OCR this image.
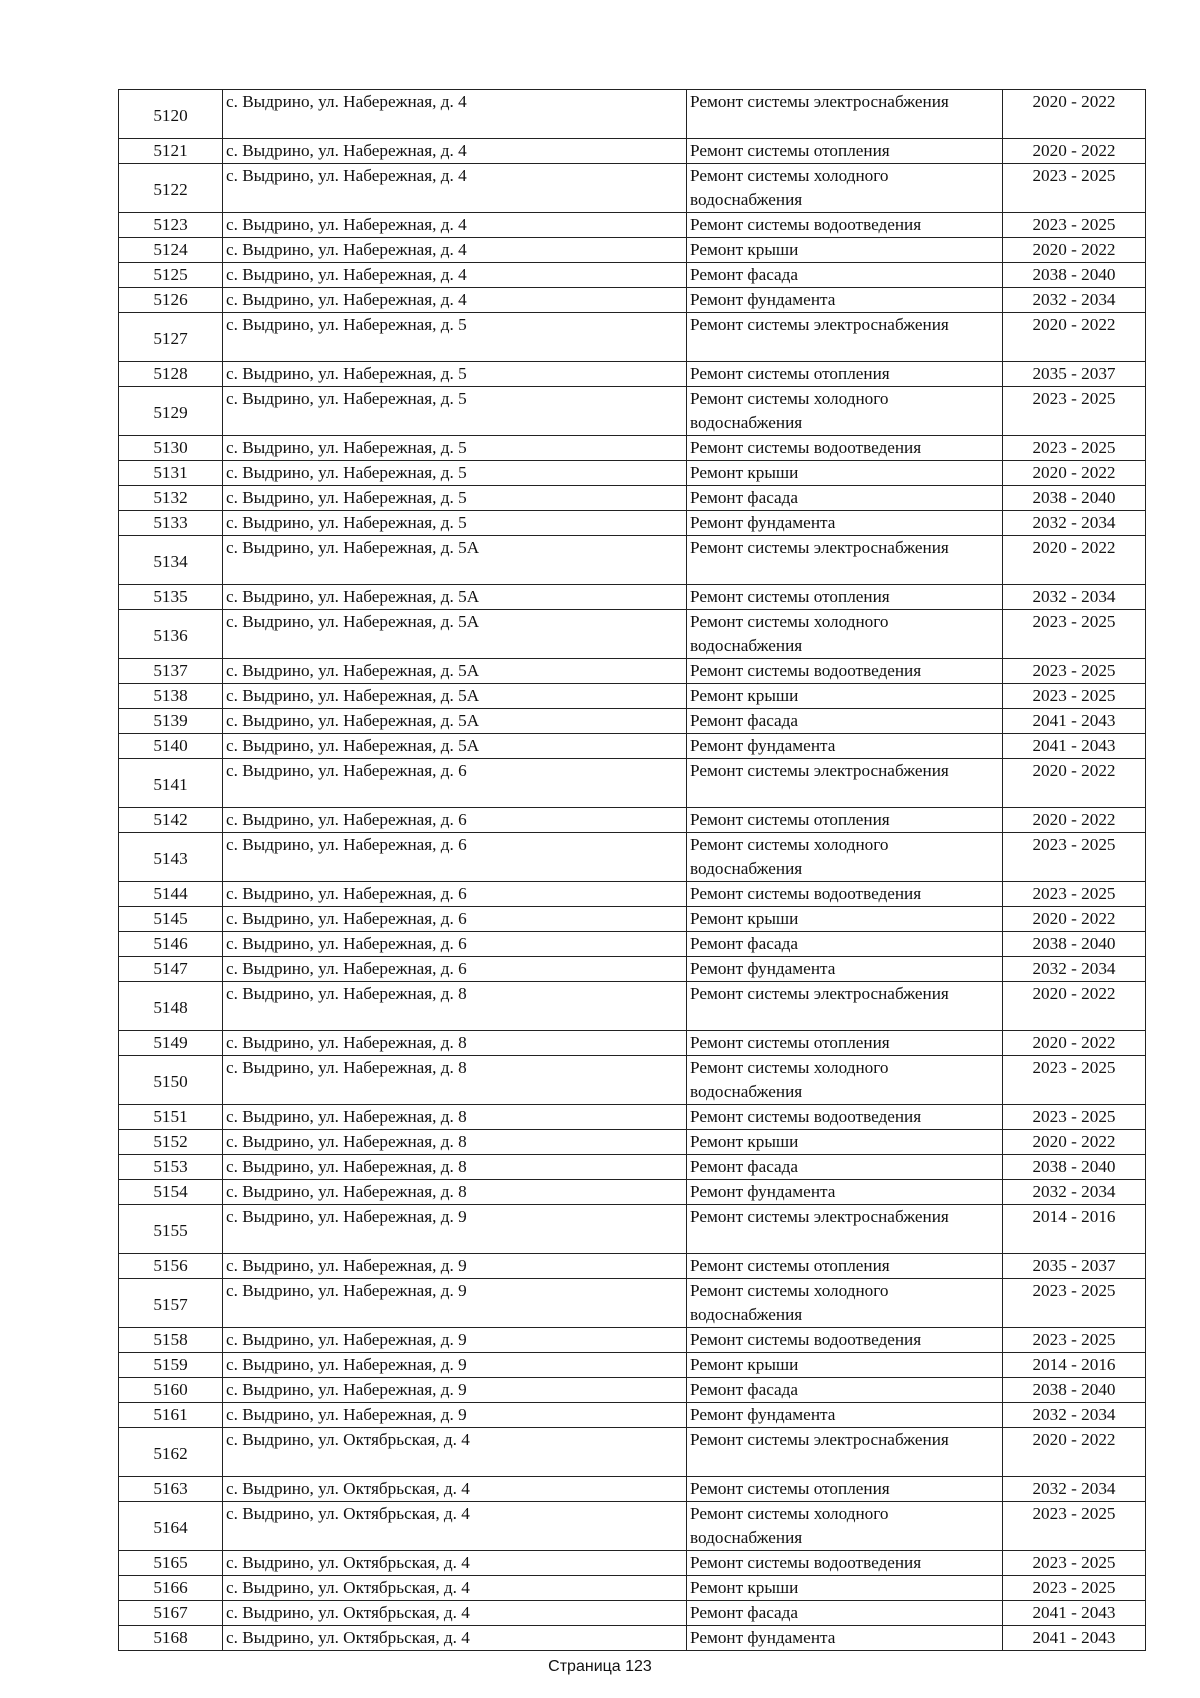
5120	с. Выдрино, ул. Набережная, д. 4	Ремонт системы электроснабжения	2020 - 2022
5121	с. Выдрино, ул. Набережная, д. 4	Ремонт системы отопления	2020 - 2022
5122	с. Выдрино, ул. Набережная, д. 4	Ремонт системы холодного водоснабжения	2023 - 2025
5123	с. Выдрино, ул. Набережная, д. 4	Ремонт системы водоотведения	2023 - 2025
5124	с. Выдрино, ул. Набережная, д. 4	Ремонт крыши	2020 - 2022
5125	с. Выдрино, ул. Набережная, д. 4	Ремонт фасада	2038 - 2040
5126	с. Выдрино, ул. Набережная, д. 4	Ремонт фундамента	2032 - 2034
5127	с. Выдрино, ул. Набережная, д. 5	Ремонт системы электроснабжения	2020 - 2022
5128	с. Выдрино, ул. Набережная, д. 5	Ремонт системы отопления	2035 - 2037
5129	с. Выдрино, ул. Набережная, д. 5	Ремонт системы холодного водоснабжения	2023 - 2025
5130	с. Выдрино, ул. Набережная, д. 5	Ремонт системы водоотведения	2023 - 2025
5131	с. Выдрино, ул. Набережная, д. 5	Ремонт крыши	2020 - 2022
5132	с. Выдрино, ул. Набережная, д. 5	Ремонт фасада	2038 - 2040
5133	с. Выдрино, ул. Набережная, д. 5	Ремонт фундамента	2032 - 2034
5134	с. Выдрино, ул. Набережная, д. 5А	Ремонт системы электроснабжения	2020 - 2022
5135	с. Выдрино, ул. Набережная, д. 5А	Ремонт системы отопления	2032 - 2034
5136	с. Выдрино, ул. Набережная, д. 5А	Ремонт системы холодного водоснабжения	2023 - 2025
5137	с. Выдрино, ул. Набережная, д. 5А	Ремонт системы водоотведения	2023 - 2025
5138	с. Выдрино, ул. Набережная, д. 5А	Ремонт крыши	2023 - 2025
5139	с. Выдрино, ул. Набережная, д. 5А	Ремонт фасада	2041 - 2043
5140	с. Выдрино, ул. Набережная, д. 5А	Ремонт фундамента	2041 - 2043
5141	с. Выдрино, ул. Набережная, д. 6	Ремонт системы электроснабжения	2020 - 2022
5142	с. Выдрино, ул. Набережная, д. 6	Ремонт системы отопления	2020 - 2022
5143	с. Выдрино, ул. Набережная, д. 6	Ремонт системы холодного водоснабжения	2023 - 2025
5144	с. Выдрино, ул. Набережная, д. 6	Ремонт системы водоотведения	2023 - 2025
5145	с. Выдрино, ул. Набережная, д. 6	Ремонт крыши	2020 - 2022
5146	с. Выдрино, ул. Набережная, д. 6	Ремонт фасада	2038 - 2040
5147	с. Выдрино, ул. Набережная, д. 6	Ремонт фундамента	2032 - 2034
5148	с. Выдрино, ул. Набережная, д. 8	Ремонт системы электроснабжения	2020 - 2022
5149	с. Выдрино, ул. Набережная, д. 8	Ремонт системы отопления	2020 - 2022
5150	с. Выдрино, ул. Набережная, д. 8	Ремонт системы холодного водоснабжения	2023 - 2025
5151	с. Выдрино, ул. Набережная, д. 8	Ремонт системы водоотведения	2023 - 2025
5152	с. Выдрино, ул. Набережная, д. 8	Ремонт крыши	2020 - 2022
5153	с. Выдрино, ул. Набережная, д. 8	Ремонт фасада	2038 - 2040
5154	с. Выдрино, ул. Набережная, д. 8	Ремонт фундамента	2032 - 2034
5155	с. Выдрино, ул. Набережная, д. 9	Ремонт системы электроснабжения	2014 - 2016
5156	с. Выдрино, ул. Набережная, д. 9	Ремонт системы отопления	2035 - 2037
5157	с. Выдрино, ул. Набережная, д. 9	Ремонт системы холодного водоснабжения	2023 - 2025
5158	с. Выдрино, ул. Набережная, д. 9	Ремонт системы водоотведения	2023 - 2025
5159	с. Выдрино, ул. Набережная, д. 9	Ремонт крыши	2014 - 2016
5160	с. Выдрино, ул. Набережная, д. 9	Ремонт фасада	2038 - 2040
5161	с. Выдрино, ул. Набережная, д. 9	Ремонт фундамента	2032 - 2034
5162	с. Выдрино, ул. Октябрьская, д. 4	Ремонт системы электроснабжения	2020 - 2022
5163	с. Выдрино, ул. Октябрьская, д. 4	Ремонт системы отопления	2032 - 2034
5164	с. Выдрино, ул. Октябрьская, д. 4	Ремонт системы холодного водоснабжения	2023 - 2025
5165	с. Выдрино, ул. Октябрьская, д. 4	Ремонт системы водоотведения	2023 - 2025
5166	с. Выдрино, ул. Октябрьская, д. 4	Ремонт крыши	2023 - 2025
5167	с. Выдрино, ул. Октябрьская, д. 4	Ремонт фасада	2041 - 2043
5168	с. Выдрино, ул. Октябрьская, д. 4	Ремонт фундамента	2041 - 2043
Страница 123
